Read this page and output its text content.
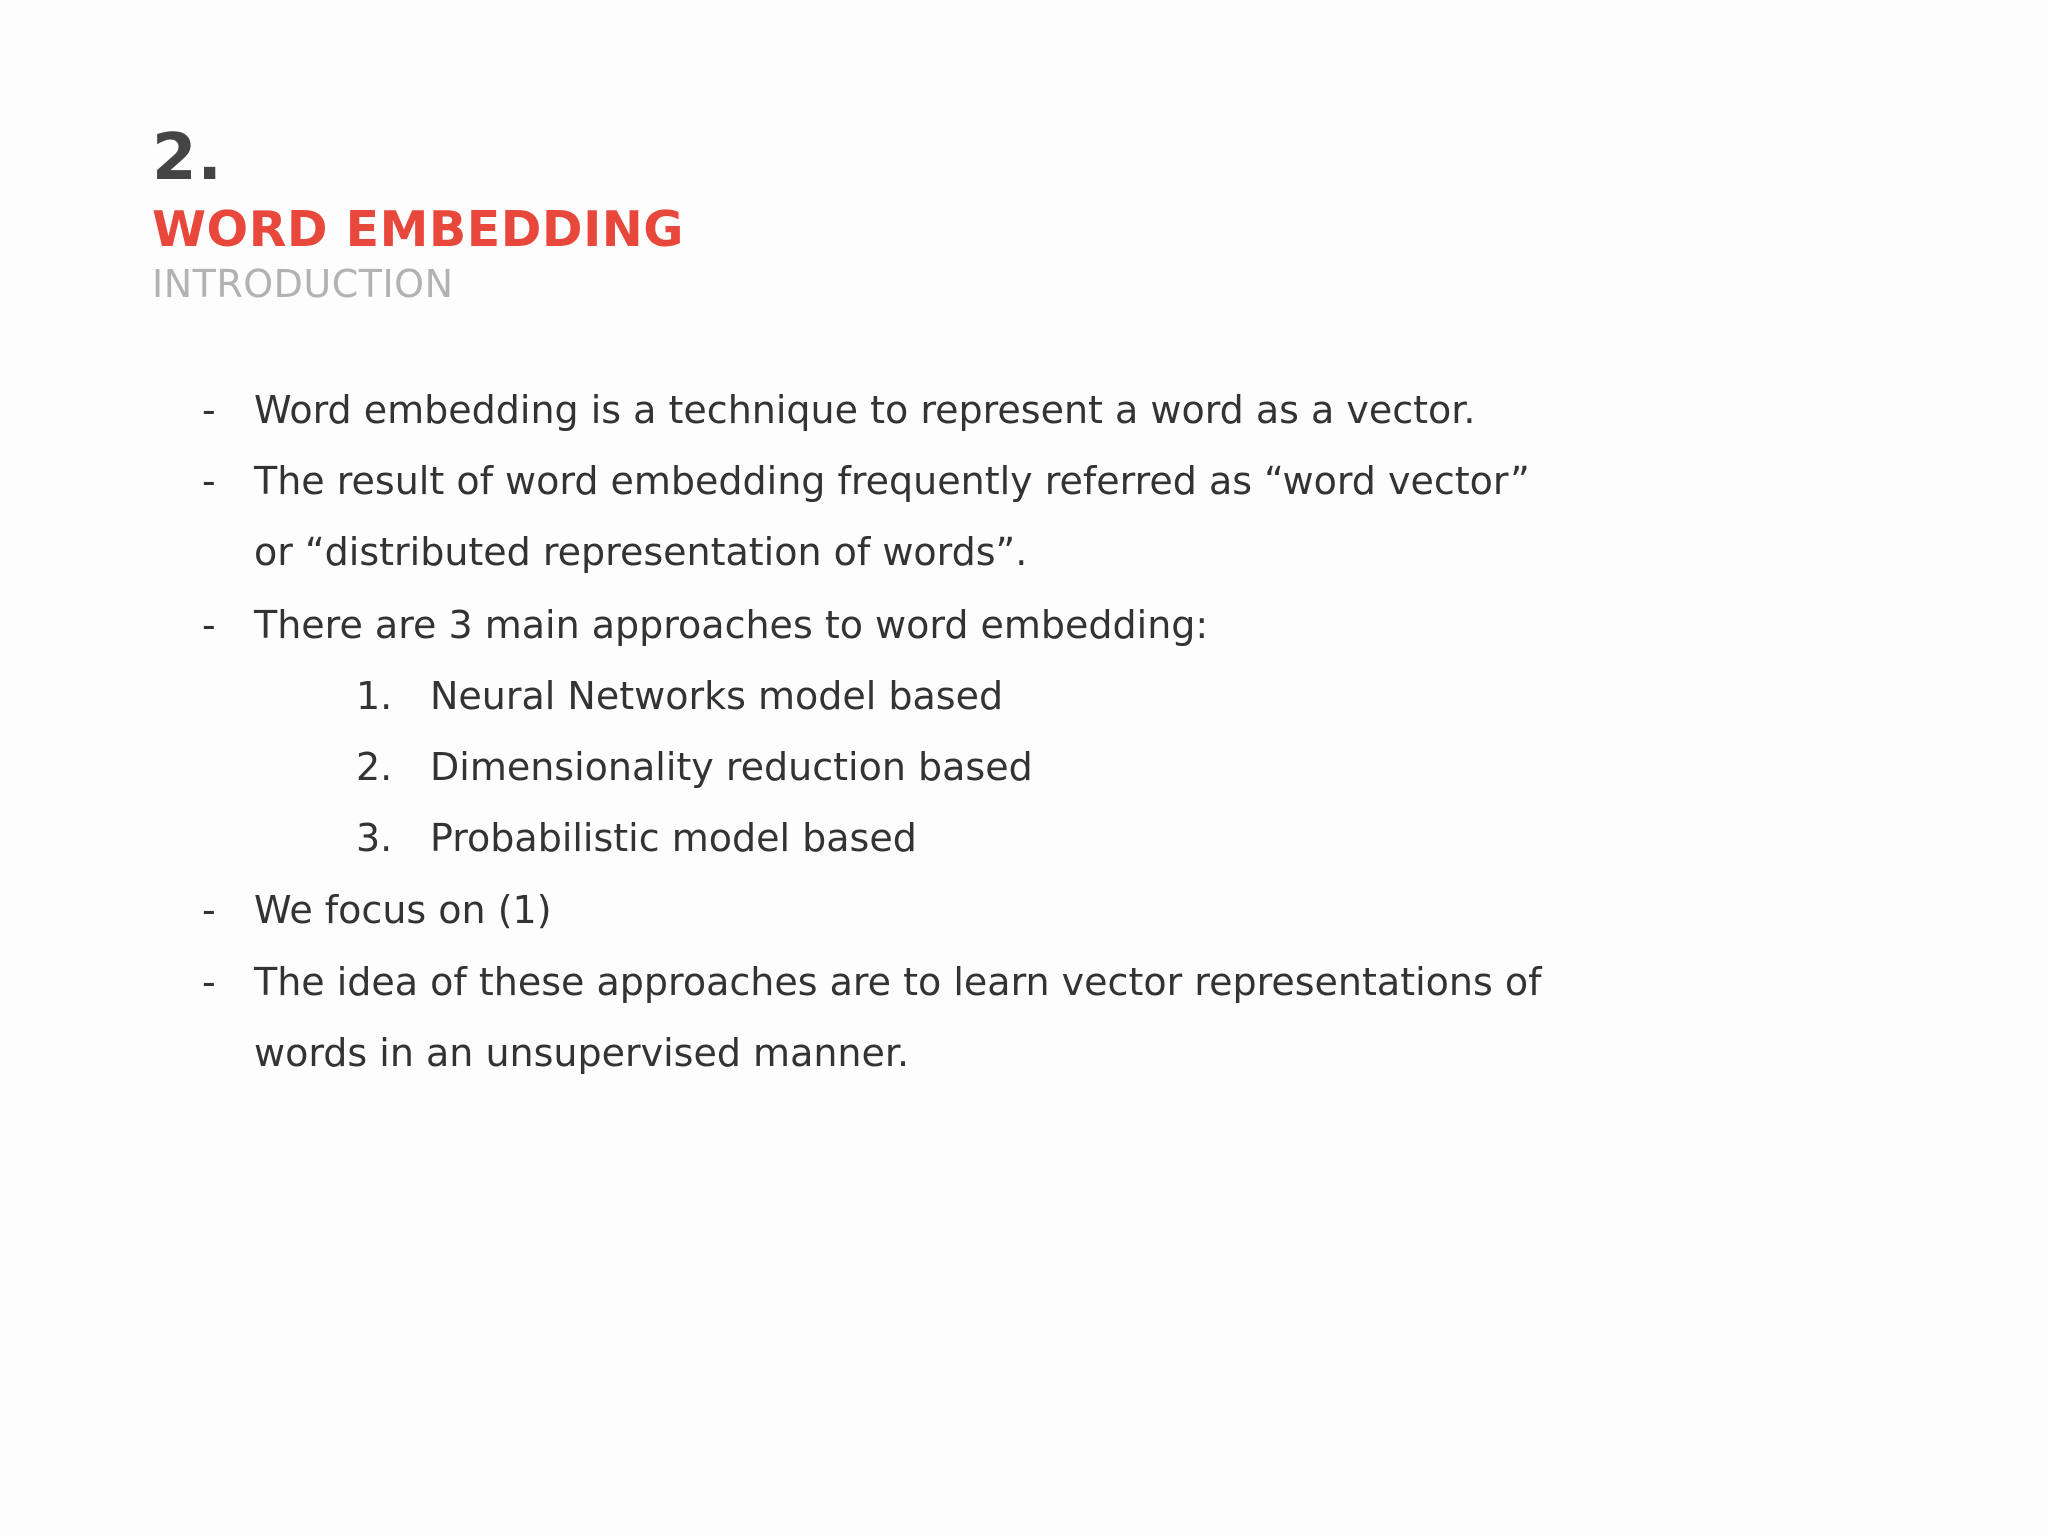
2.
WORD EMBEDDING
INTRODUCTION
- Word embedding is a technique to represent a word as a vector.
- The result of word embedding frequently referred as “word vector”
or “distributed representation of words”.
- There are 3 main approaches to word embedding:
1. Neural Networks model based
2. Dimensionality reduction based
3. Probabilistic model based
- We focus on (1)
- The idea of these approaches are to learn vector representations of
words in an unsupervised manner.
